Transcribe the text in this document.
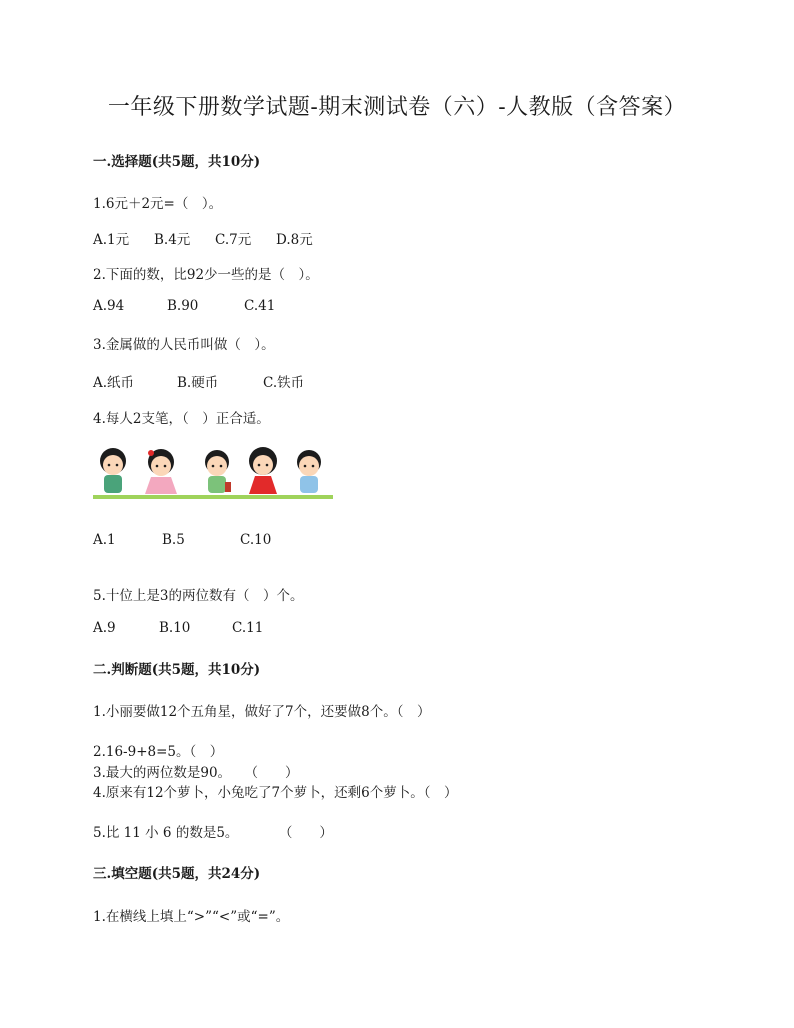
一年级下册数学试题-期末测试卷（六）-人教版（含答案）
一.选择题(共5题，共10分)
1.6元＋2元=（　）。
A.1元 B.4元 C.7元 D.8元
2.下面的数，比92少一些的是（　）。
A.94	B.90	C.41
3.金属做的人民币叫做（　）。
A.纸币	B.硬币	C.铁币
4.每人2支笔，（　）正合适。
A.1	B.5	C.10
5.十位上是3的两位数有（　）个。
A.9	B.10	C.11
二.判断题(共5题，共10分)
1.小丽要做12个五角星，做好了7个，还要做8个。（　）
2.16-9+8=5。（　）
3.最大的两位数是90。　　（　　）
4.原来有12个萝卜，小兔吃了7个萝卜，还剩6个萝卜。（　）
5.比 11 小 6 的数是5。　　　　（　　）
三.填空题(共5题，共24分)
1.在横线上填上“>”“<”或“=”。
